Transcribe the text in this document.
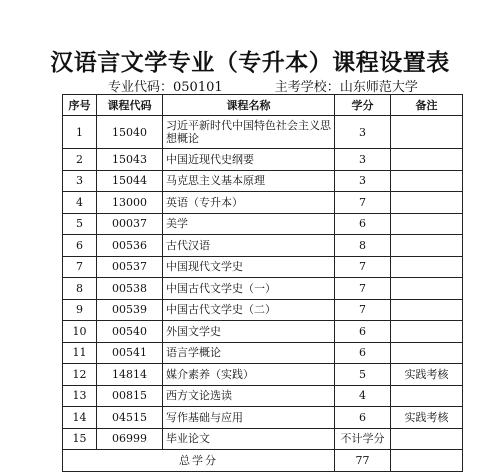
汉语言文学专业（专升本）课程设置表
专业代码：050101	主考学校：山东师范大学
序号	课程代码	课程名称	学分	备注
1	15040	习近平新时代中国特色社会主义思想概论	3	
2	15043	中国近现代史纲要	3	
3	15044	马克思主义基本原理	3	
4	13000	英语（专升本）	7	
5	00037	美学	6	
6	00536	古代汉语	8	
7	00537	中国现代文学史	7	
8	00538	中国古代文学史（一）	7	
9	00539	中国古代文学史（二）	7	
10	00540	外国文学史	6	
11	00541	语言学概论	6	
12	14814	媒介素养（实践）	5	实践考核
13	00815	西方文论选读	4	
14	04515	写作基础与应用	6	实践考核
15	06999	毕业论文	不计学分	
总学分			77	
